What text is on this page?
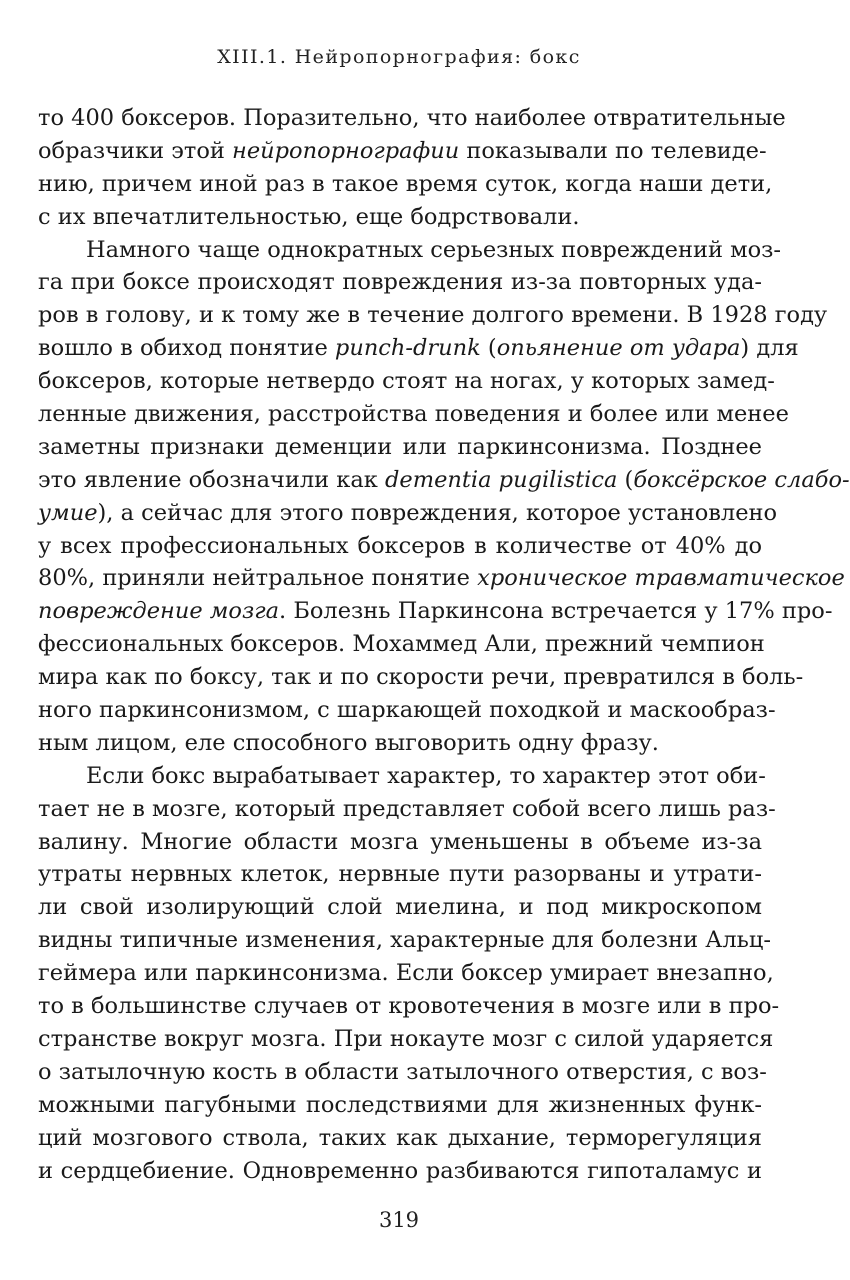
XIII.1. Нейропорнография: бокс
то 400 боксеров. Поразительно, что наиболее отвратительные
образчики этой нейропорнографии показывали по телевиде-
нию, причем иной раз в такое время суток, когда наши дети,
с их впечатлительностью, еще бодрствовали.
Намного чаще однократных серьезных повреждений моз-
га при боксе происходят повреждения из-за повторных уда-
ров в голову, и к тому же в течение долгого времени. В 1928 году
вошло в обиход понятие punch-drunk (опьянение от удара) для
боксеров, которые нетвердо стоят на ногах, у которых замед-
ленные движения, расстройства поведения и более или менее
заметны признаки деменции или паркинсонизма. Позднее
это явление обозначили как dementia pugilistica (боксёрское слабо-
умие), а сейчас для этого повреждения, которое установлено
у всех профессиональных боксеров в количестве от 40% до
80%, приняли нейтральное понятие хроническое травматическое
повреждение мозга. Болезнь Паркинсона встречается у 17% про-
фессиональных боксеров. Мохаммед Али, прежний чемпион
мира как по боксу, так и по скорости речи, превратился в боль-
ного паркинсонизмом, с шаркающей походкой и маскообраз-
ным лицом, еле способного выговорить одну фразу.
Если бокс вырабатывает характер, то характер этот оби-
тает не в мозге, который представляет собой всего лишь раз-
валину. Многие области мозга уменьшены в объеме из-за
утраты нервных клеток, нервные пути разорваны и утрати-
ли свой изолирующий слой миелина, и под микроскопом
видны типичные изменения, характерные для болезни Альц-
геймера или паркинсонизма. Если боксер умирает внезапно,
то в большинстве случаев от кровотечения в мозге или в про-
странстве вокруг мозга. При нокауте мозг с силой ударяется
о затылочную кость в области затылочного отверстия, с воз-
можными пагубными последствиями для жизненных функ-
ций мозгового ствола, таких как дыхание, терморегуляция
и сердцебиение. Одновременно разбиваются гипоталамус и
319
